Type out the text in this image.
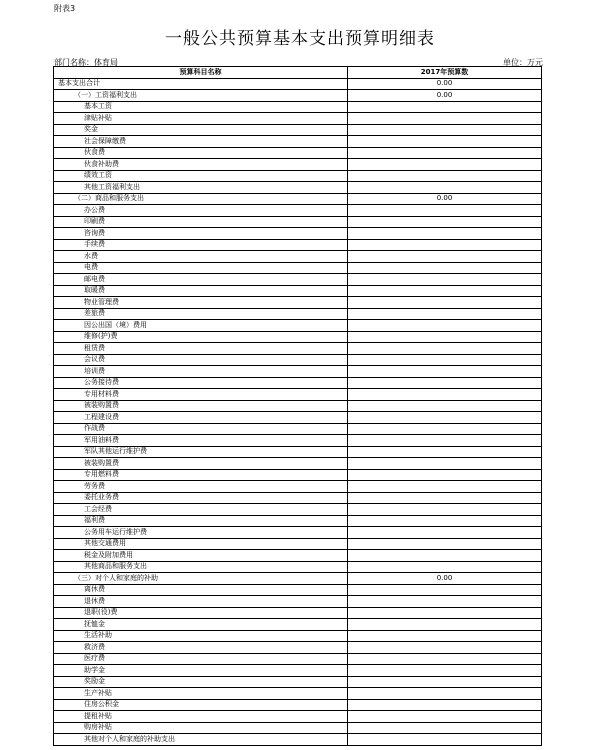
附表3
一般公共预算基本支出预算明细表
部门名称：体育局	单位：万元
预算科目名称	2017年预算数
基本支出合计	0.00
（一）工资福利支出	0.00
基本工资	
津贴补贴	
奖金	
社会保障缴费	
伙食费	
伙食补助费	
绩效工资	
其他工资福利支出	
（二）商品和服务支出	0.00
办公费	
印刷费	
咨询费	
手续费	
水费	
电费	
邮电费	
取暖费	
物业管理费	
差旅费	
因公出国（境）费用	
维修(护)费	
租赁费	
会议费	
培训费	
公务接待费	
专用材料费	
被装购置费	
工程建设费	
作战费	
军用油料费	
军队其他运行维护费	
被装购置费	
专用燃料费	
劳务费	
委托业务费	
工会经费	
福利费	
公务用车运行维护费	
其他交通费用	
税金及附加费用	
其他商品和服务支出	
（三）对个人和家庭的补助	0.00
离休费	
退休费	
退职(役)费	
抚恤金	
生活补助	
救济费	
医疗费	
助学金	
奖励金	
生产补贴	
住房公积金	
提租补贴	
购房补贴	
其他对个人和家庭的补助支出	
